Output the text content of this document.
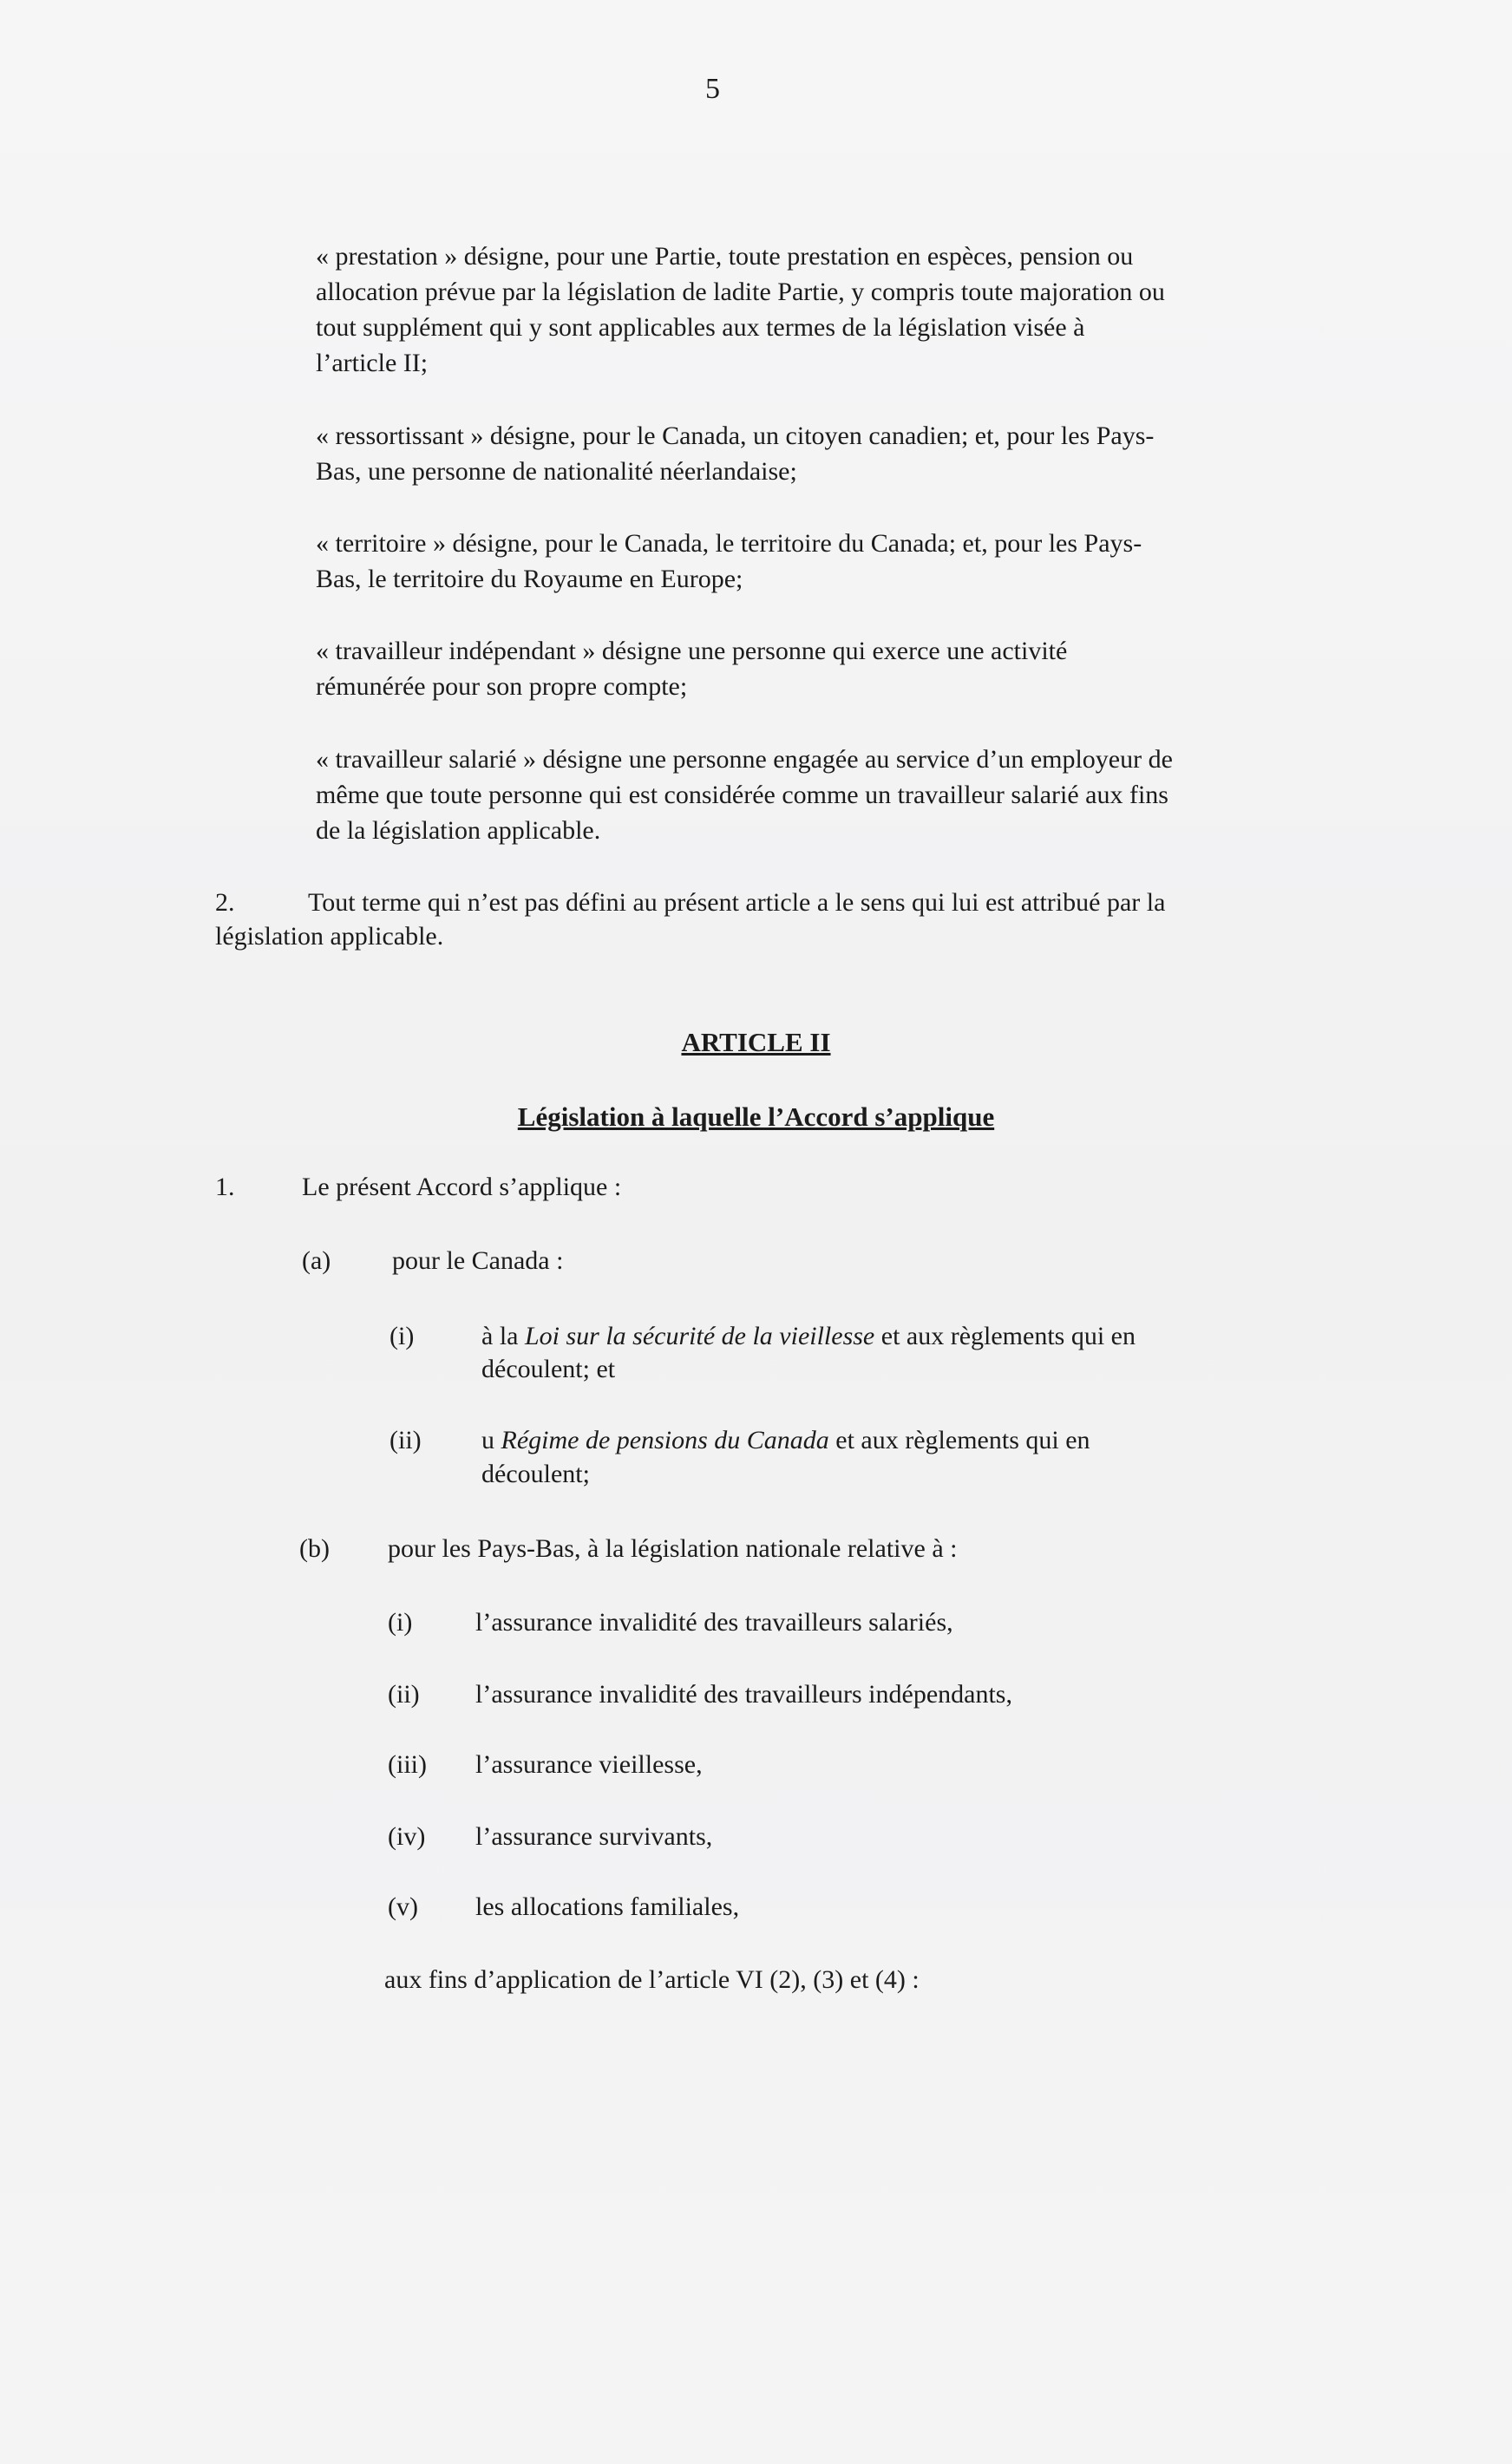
5
« prestation » désigne, pour une Partie, toute prestation en espèces, pension ou
allocation prévue par la législation de ladite Partie, y compris toute majoration ou
tout supplément qui y sont applicables aux termes de la législation visée à
l’article II;
« ressortissant » désigne, pour le Canada, un citoyen canadien; et, pour les Pays-
Bas, une personne de nationalité néerlandaise;
« territoire » désigne, pour le Canada, le territoire du Canada; et, pour les Pays-
Bas, le territoire du Royaume en Europe;
« travailleur indépendant » désigne une personne qui exerce une activité
rémunérée pour son propre compte;
« travailleur salarié » désigne une personne engagée au service d’un employeur de
même que toute personne qui est considérée comme un travailleur salarié aux fins
de la législation applicable.
2.	Tout terme qui n’est pas défini au présent article a le sens qui lui est attribué par la
législation applicable.
ARTICLE II
Législation à laquelle l’Accord s’applique
1.	Le présent Accord s’applique :
(a) pour le Canada :
(i)	à la Loi sur la sécurité de la vieillesse et aux règlements qui en
découlent; et
(ii) u Régime de pensions du Canada et aux règlements qui en
découlent;
(b) pour les Pays-Bas, à la législation nationale relative à :
(i) l’assurance invalidité des travailleurs salariés,
(ii) l’assurance invalidité des travailleurs indépendants,
(iii) l’assurance vieillesse,
(iv) l’assurance survivants,
(v) les allocations familiales,
aux fins d’application de l’article VI (2), (3) et (4) :
